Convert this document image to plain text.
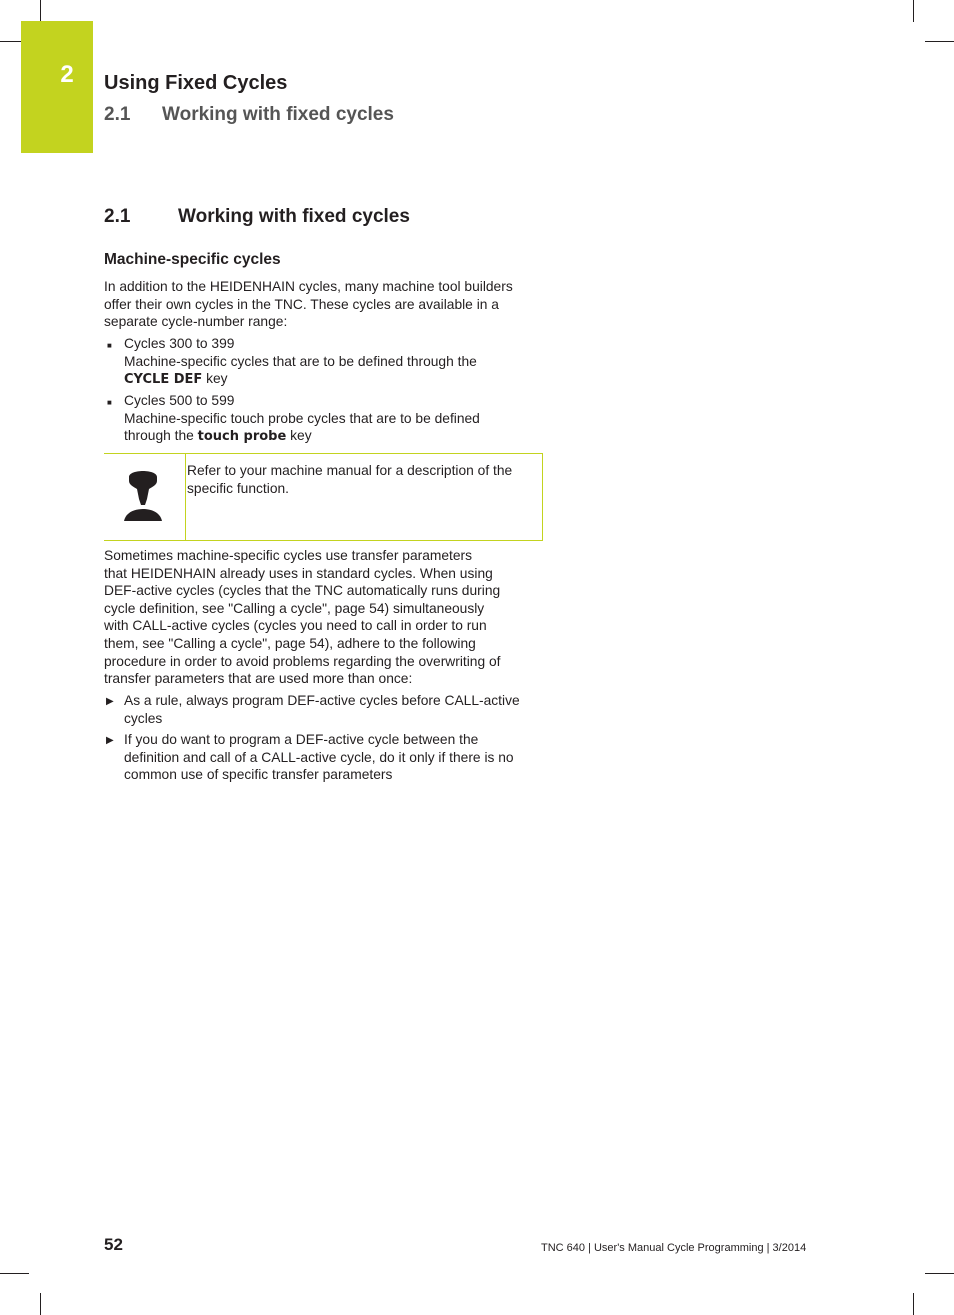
2	Using Fixed Cycles
2.1 Working with fixed cycles
2.1	Working with fixed cycles
Machine-specific cycles
In addition to the HEIDENHAIN cycles, many machine tool builders
offer their own cycles in the TNC. These cycles are available in a
separate cycle-number range:
■ Cycles 300 to 399
Machine-specific cycles that are to be defined through the
CYCLE DEF key
■ Cycles 500 to 599
Machine-specific touch probe cycles that are to be defined
through the touch probe key
Refer to your machine manual for a description of the
specific function.
Sometimes machine-specific cycles use transfer parameters
that HEIDENHAIN already uses in standard cycles. When using
DEF-active cycles (cycles that the TNC automatically runs during
cycle definition, see "Calling a cycle", page 54) simultaneously
with CALL-active cycles (cycles you need to call in order to run
them, see "Calling a cycle", page 54), adhere to the following
procedure in order to avoid problems regarding the overwriting of
transfer parameters that are used more than once:
▶ As a rule, always program DEF-active cycles before CALL-active
cycles
▶ If you do want to program a DEF-active cycle between the
definition and call of a CALL-active cycle, do it only if there is no
common use of specific transfer parameters
52	TNC 640 | User's Manual Cycle Programming | 3/2014
